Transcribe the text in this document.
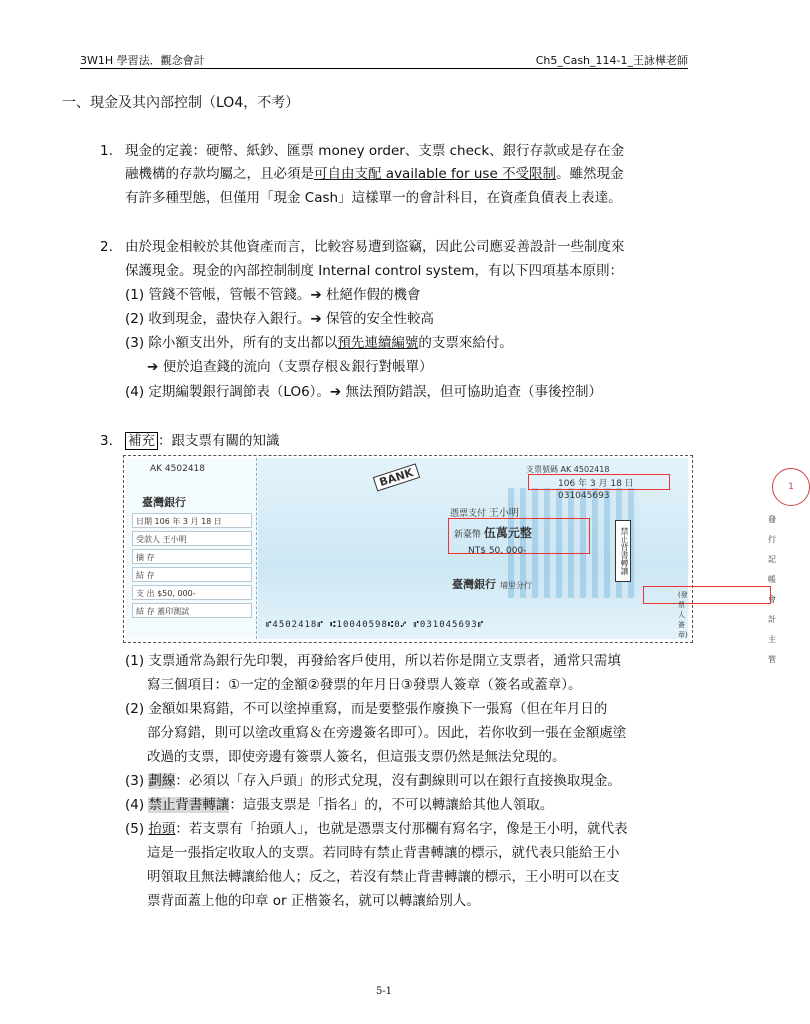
3W1H 學習法．觀念會計	Ch5_Cash_114-1_王詠樺老師
一、現金及其內部控制（LO4，不考）
1. 現金的定義：硬幣、紙鈔、匯票 money order、支票 check、銀行存款或是存在金
融機構的存款均屬之，且必須是可自由支配 available for use 不受限制。雖然現金
有許多種型態，但僅用「現金 Cash」這樣單一的會計科目，在資產負債表上表達。
2. 由於現金相較於其他資產而言，比較容易遭到盜竊，因此公司應妥善設計一些制度來
保護現金。現金的內部控制制度 Internal control system，有以下四項基本原則：
(1) 管錢不管帳，管帳不管錢。➔ 杜絕作假的機會
(2) 收到現金，盡快存入銀行。➔ 保管的安全性較高
(3) 除小額支出外，所有的支出都以預先連續編號的支票來給付。
➔ 便於追查錢的流向（支票存根＆銀行對帳單）
(4) 定期編製銀行調節表（LO6）。➔ 無法預防錯誤，但可協助追查（事後控制）
3. 補充 ：跟支票有關的知識
AK 4502418
臺灣銀行
日期 106 年 3 月 18 日
受款人 王小明
摘 存
結 存
支 出 $50, 000-
結 存 蓋印測試
BANK	支票號碼 AK 4502418
106 年 3 月 18 日
031045693
1
發行 記帳 會計 主管
憑票支付 王小明
新臺幣 伍萬元整
NT$ 50, 000-
臺灣銀行 埔里分行
禁止背書轉讓
(發票人簽章)
⑈4502418⑈ ⑆10040598⑆0⑇ ⑈031045693⑈
(1) 支票通常為銀行先印製，再發給客戶使用，所以若你是開立支票者，通常只需填
寫三個項目：①一定的金額②發票的年月日③發票人簽章（簽名或蓋章）。
(2) 金額如果寫錯，不可以塗掉重寫，而是要整張作廢換下一張寫（但在年月日的
部分寫錯，則可以塗改重寫＆在旁邊簽名即可）。因此，若你收到一張在金額處塗
改過的支票，即使旁邊有簽票人簽名，但這張支票仍然是無法兌現的。
(3) 劃線：必須以「存入戶頭」的形式兌現，沒有劃線則可以在銀行直接換取現金。
(4) 禁止背書轉讓：這張支票是「指名」的，不可以轉讓給其他人領取。
(5) 抬頭：若支票有「抬頭人」，也就是憑票支付那欄有寫名字，像是王小明，就代表
這是一張指定收取人的支票。若同時有禁止背書轉讓的標示，就代表只能給王小
明領取且無法轉讓給他人；反之，若沒有禁止背書轉讓的標示，王小明可以在支
票背面蓋上他的印章 or 正楷簽名，就可以轉讓給別人。
5-1
